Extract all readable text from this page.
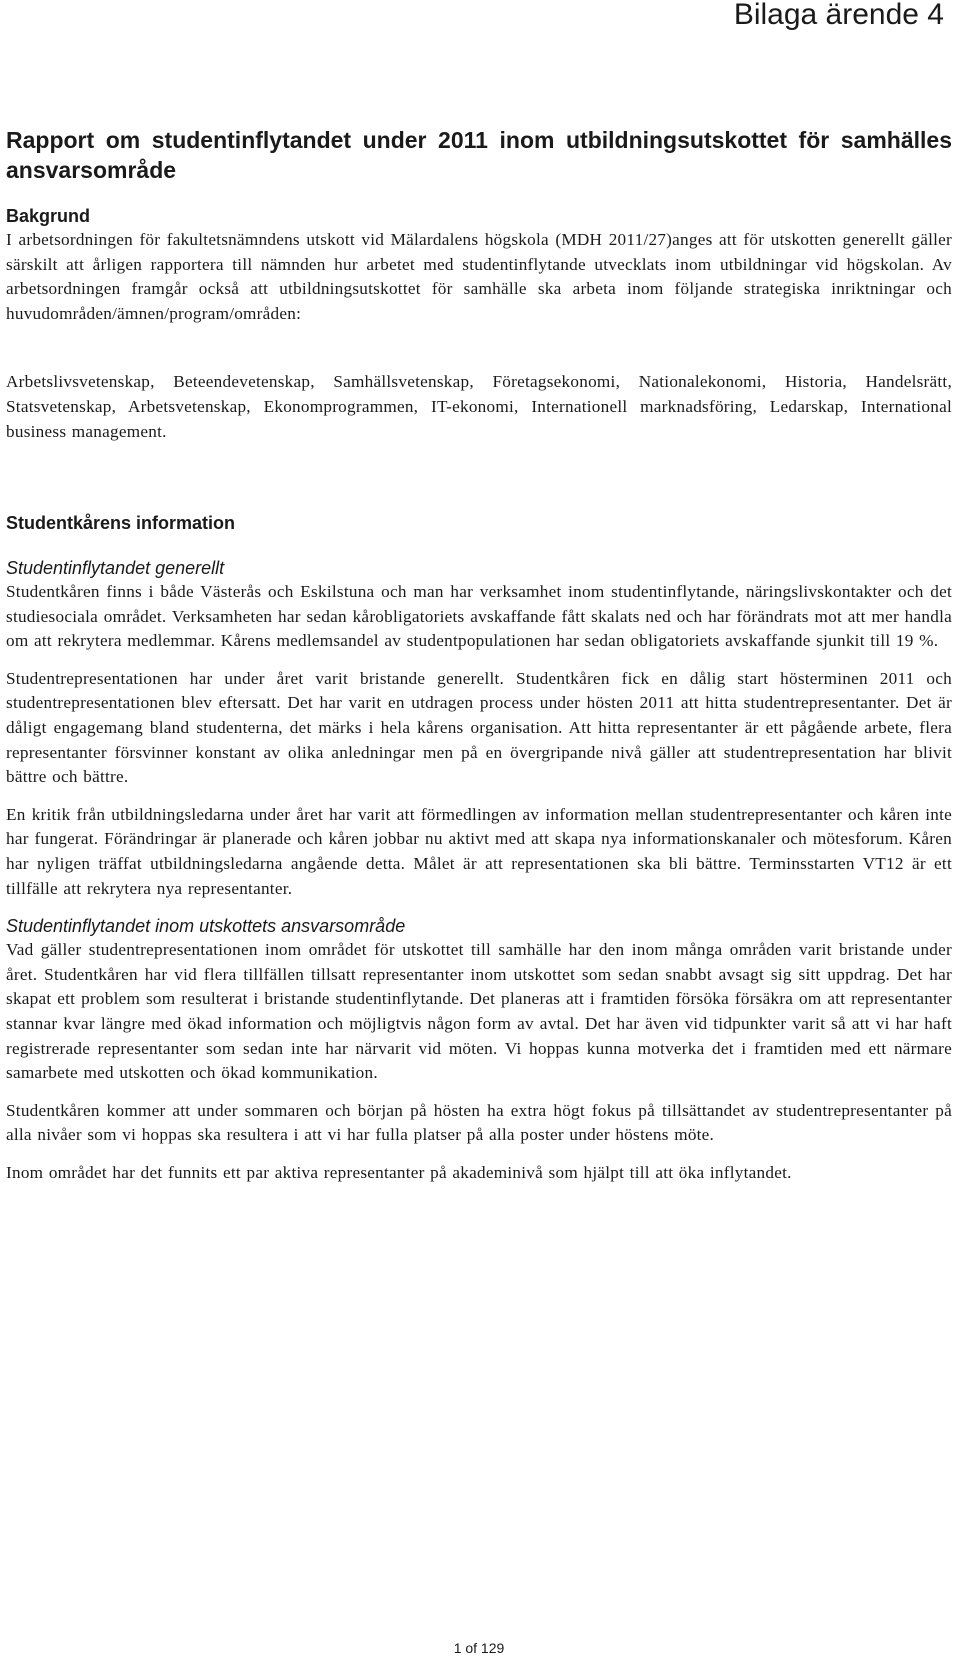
Bilaga ärende 4

Rapport om studentinflytandet under 2011 inom utbildningsutskottet för samhälles ansvarsområde
Bakgrund

I arbetsordningen för fakultetsnämndens utskott vid Mälardalens högskola (MDH 2011/27)anges att för utskotten generellt gäller särskilt att årligen rapportera till nämnden hur arbetet med studentinflytande utvecklats inom utbildningar vid högskolan. Av arbetsordningen framgår också att utbildningsutskottet för samhälle ska arbeta inom följande strategiska inriktningar och huvudområden/ämnen/program/områden:

Arbetslivsvetenskap, Beteendevetenskap, Samhällsvetenskap, Företagsekonomi, Nationalekonomi, Historia, Handelsrätt, Statsvetenskap, Arbetsvetenskap, Ekonomprogrammen, IT-ekonomi, Internationell marknadsföring, Ledarskap, International business management.

Studentkårens information
Studentinflytandet generellt

Studentkåren finns i både Västerås och Eskilstuna och man har verksamhet inom studentinflytande, näringslivskontakter och det studiesociala området. Verksamheten har sedan kårobligatoriets avskaffande fått skalats ned och har förändrats mot att mer handla om att rekrytera medlemmar. Kårens medlemsandel av studentpopulationen har sedan obligatoriets avskaffande sjunkit till 19 %.

Studentrepresentationen har under året varit bristande generellt. Studentkåren fick en dålig start hösterminen 2011 och studentrepresentationen blev eftersatt. Det har varit en utdragen process under hösten 2011 att hitta studentrepresentanter. Det är dåligt engagemang bland studenterna, det märks i hela kårens organisation. Att hitta representanter är ett pågående arbete, flera representanter försvinner konstant av olika anledningar men på en övergripande nivå gäller att studentrepresentation har blivit bättre och bättre.

En kritik från utbildningsledarna under året har varit att förmedlingen av information mellan studentrepresentanter och kåren inte har fungerat. Förändringar är planerade och kåren jobbar nu aktivt med att skapa nya informationskanaler och mötesforum. Kåren har nyligen träffat utbildningsledarna angående detta. Målet är att representationen ska bli bättre. Terminsstarten VT12 är ett tillfälle att rekrytera nya representanter.

Studentinflytandet inom utskottets ansvarsområde

Vad gäller studentrepresentationen inom området för utskottet till samhälle har den inom många områden varit bristande under året. Studentkåren har vid flera tillfällen tillsatt representanter inom utskottet som sedan snabbt avsagt sig sitt uppdrag. Det har skapat ett problem som resulterat i bristande studentinflytande. Det planeras att i framtiden försöka försäkra om att representanter stannar kvar längre med ökad information och möjligtvis någon form av avtal. Det har även vid tidpunkter varit så att vi har haft registrerade representanter som sedan inte har närvarit vid möten. Vi hoppas kunna motverka det i framtiden med ett närmare samarbete med utskotten och ökad kommunikation.

Studentkåren kommer att under sommaren och början på hösten ha extra högt fokus på tillsättandet av studentrepresentanter på alla nivåer som vi hoppas ska resultera i att vi har fulla platser på alla poster under höstens möte.

Inom området har det funnits ett par aktiva representanter på akademinivå som hjälpt till att öka inflytandet.

1 of 129
